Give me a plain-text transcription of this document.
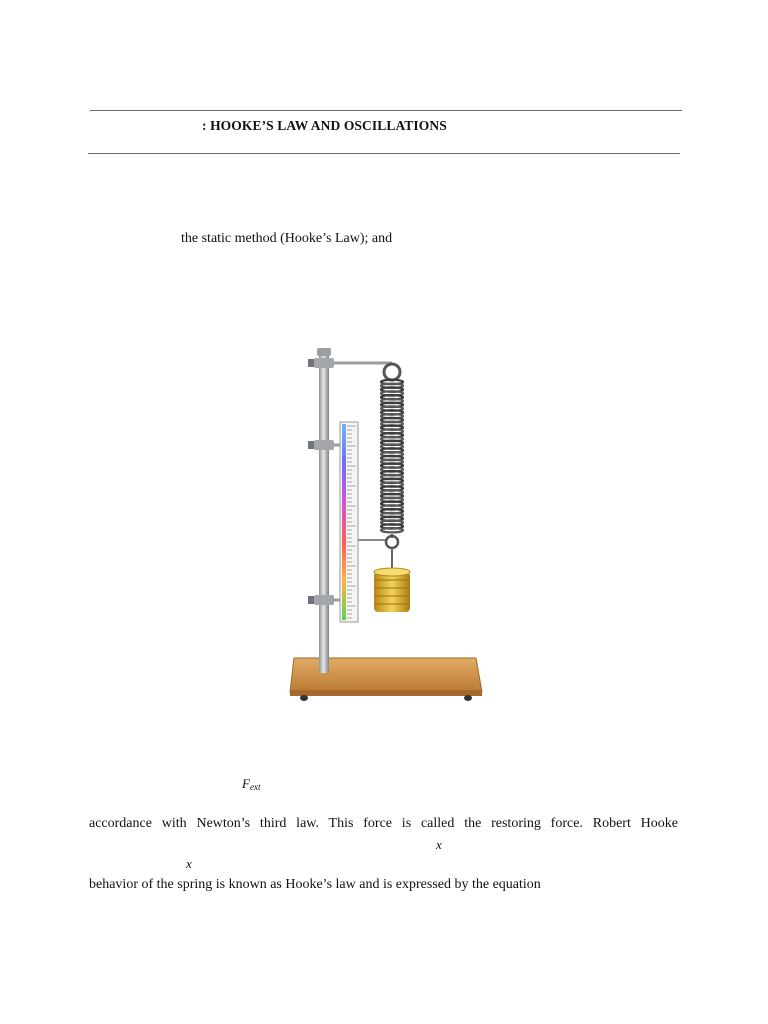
: HOOKE’S LAW AND OSCILLATIONS
the static method (Hooke’s Law); and
$F_{ext}$
accordance with Newton’s third law. This force is called the restoring force. Robert Hooke
x
x
behavior of the spring is known as Hooke’s law and is expressed by the equation
